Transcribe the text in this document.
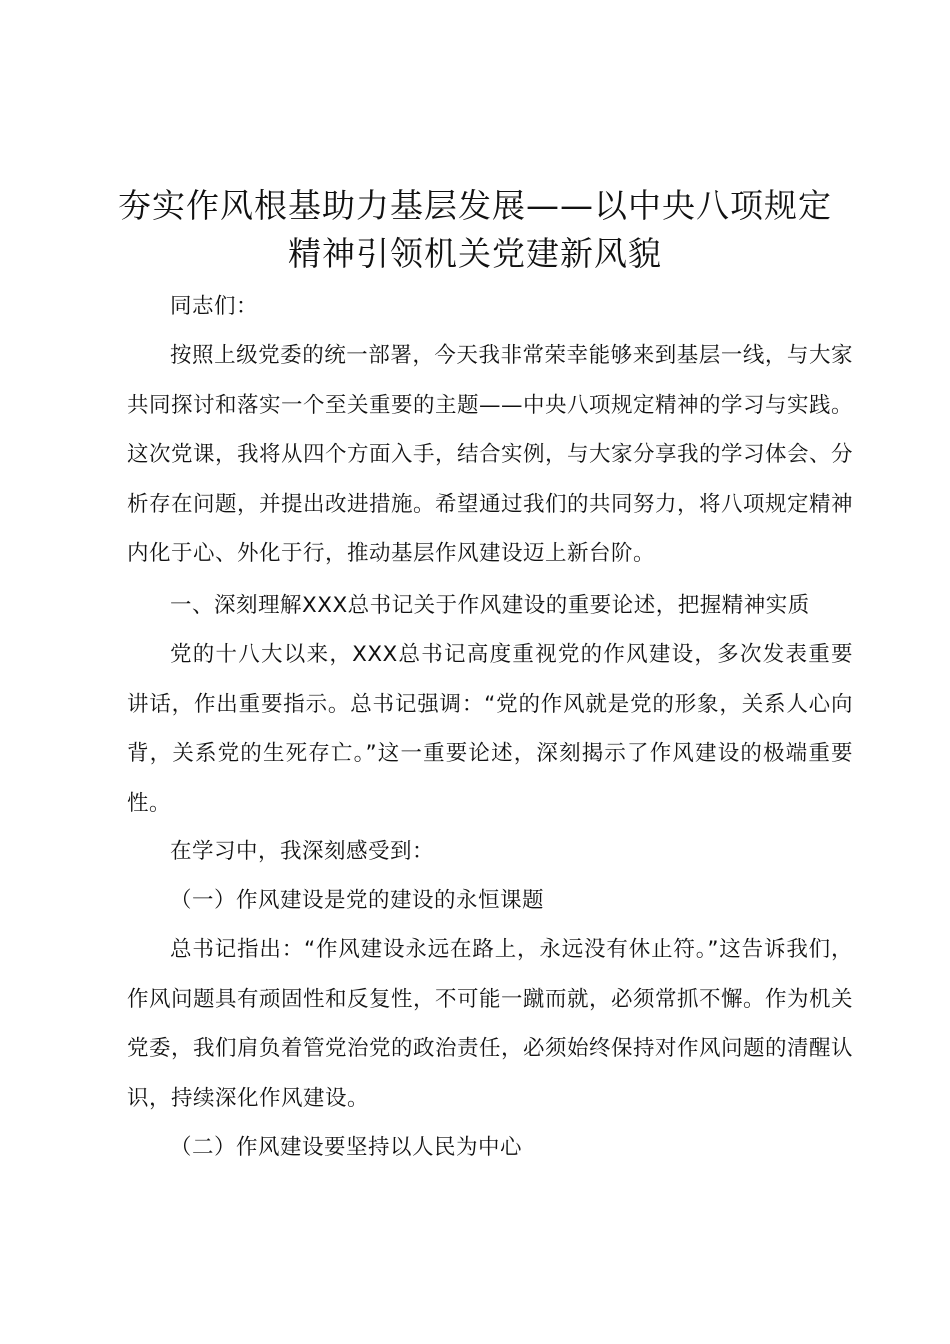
夯实作风根基助力基层发展——以中央八项规定精神引领机关党建新风貌

同志们：

按照上级党委的统一部署，今天我非常荣幸能够来到基层一线，与大家共同探讨和落实一个至关重要的主题——中央八项规定精神的学习与实践。这次党课，我将从四个方面入手，结合实例，与大家分享我的学习体会、分析存在问题，并提出改进措施。希望通过我们的共同努力，将八项规定精神内化于心、外化于行，推动基层作风建设迈上新台阶。

一、深刻理解XXX总书记关于作风建设的重要论述，把握精神实质

党的十八大以来，XXX总书记高度重视党的作风建设，多次发表重要讲话，作出重要指示。总书记强调：“党的作风就是党的形象，关系人心向背，关系党的生死存亡。”这一重要论述，深刻揭示了作风建设的极端重要性。

在学习中，我深刻感受到：

（一）作风建设是党的建设的永恒课题

总书记指出：“作风建设永远在路上，永远没有休止符。”这告诉我们，作风问题具有顽固性和反复性，不可能一蹴而就，必须常抓不懈。作为机关党委，我们肩负着管党治党的政治责任，必须始终保持对作风问题的清醒认识，持续深化作风建设。

（二）作风建设要坚持以人民为中心
